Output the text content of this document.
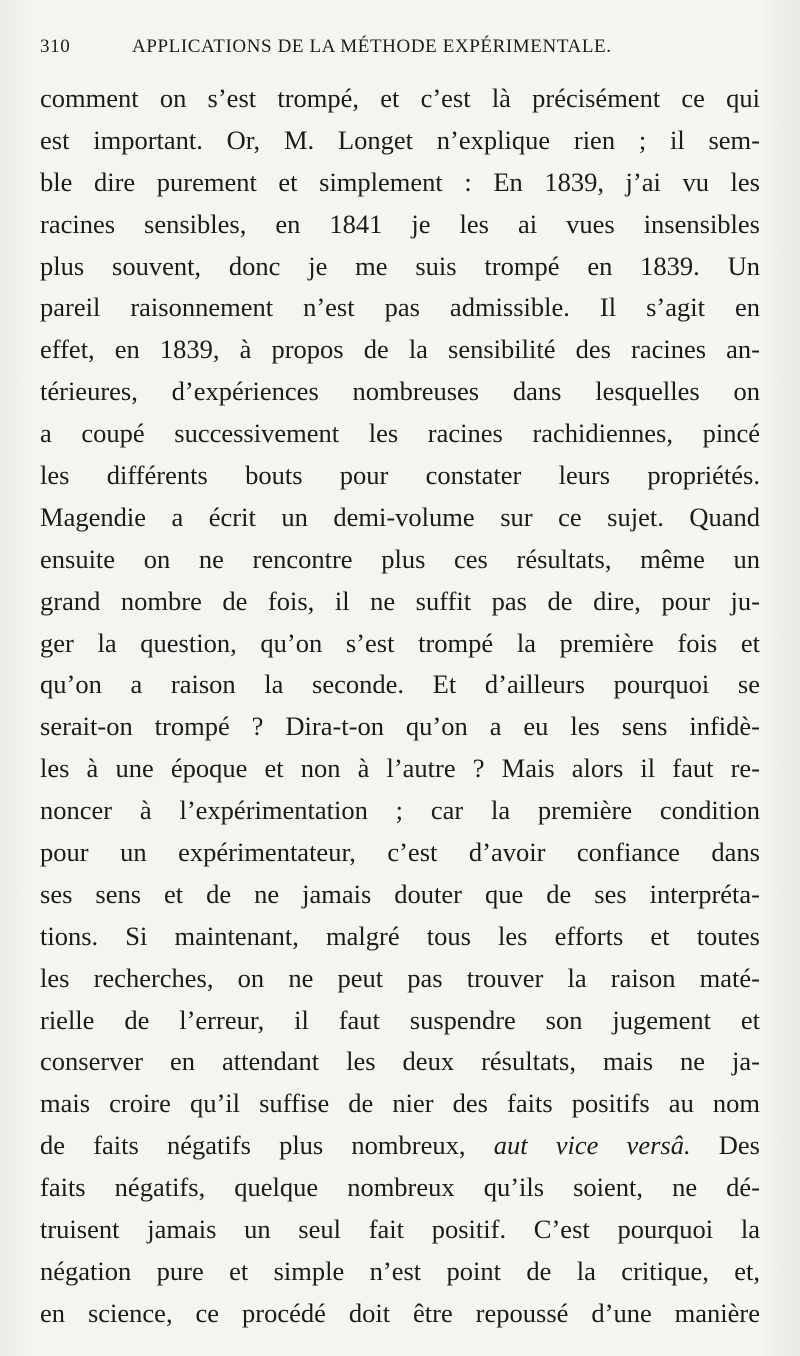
310	APPLICATIONS DE LA MÉTHODE EXPÉRIMENTALE.
comment on s’est trompé, et c’est là précisément ce qui
est important. Or, M. Longet n’explique rien ; il sem-
ble dire purement et simplement : En 1839, j’ai vu les
racines sensibles, en 1841 je les ai vues insensibles
plus souvent, donc je me suis trompé en 1839. Un
pareil raisonnement n’est pas admissible. Il s’agit en
effet, en 1839, à propos de la sensibilité des racines an-
térieures, d’expériences nombreuses dans lesquelles on
a coupé successivement les racines rachidiennes, pincé
les différents bouts pour constater leurs propriétés.
Magendie a écrit un demi-volume sur ce sujet. Quand
ensuite on ne rencontre plus ces résultats, même un
grand nombre de fois, il ne suffit pas de dire, pour ju-
ger la question, qu’on s’est trompé la première fois et
qu’on a raison la seconde. Et d’ailleurs pourquoi se
serait-on trompé ? Dira-t-on qu’on a eu les sens infidè-
les à une époque et non à l’autre ? Mais alors il faut re-
noncer à l’expérimentation ; car la première condition
pour un expérimentateur, c’est d’avoir confiance dans
ses sens et de ne jamais douter que de ses interpréta-
tions. Si maintenant, malgré tous les efforts et toutes
les recherches, on ne peut pas trouver la raison maté-
rielle de l’erreur, il faut suspendre son jugement et
conserver en attendant les deux résultats, mais ne ja-
mais croire qu’il suffise de nier des faits positifs au nom
de faits négatifs plus nombreux, aut vice versâ. Des
faits négatifs, quelque nombreux qu’ils soient, ne dé-
truisent jamais un seul fait positif. C’est pourquoi la
négation pure et simple n’est point de la critique, et,
en science, ce procédé doit être repoussé d’une manière
